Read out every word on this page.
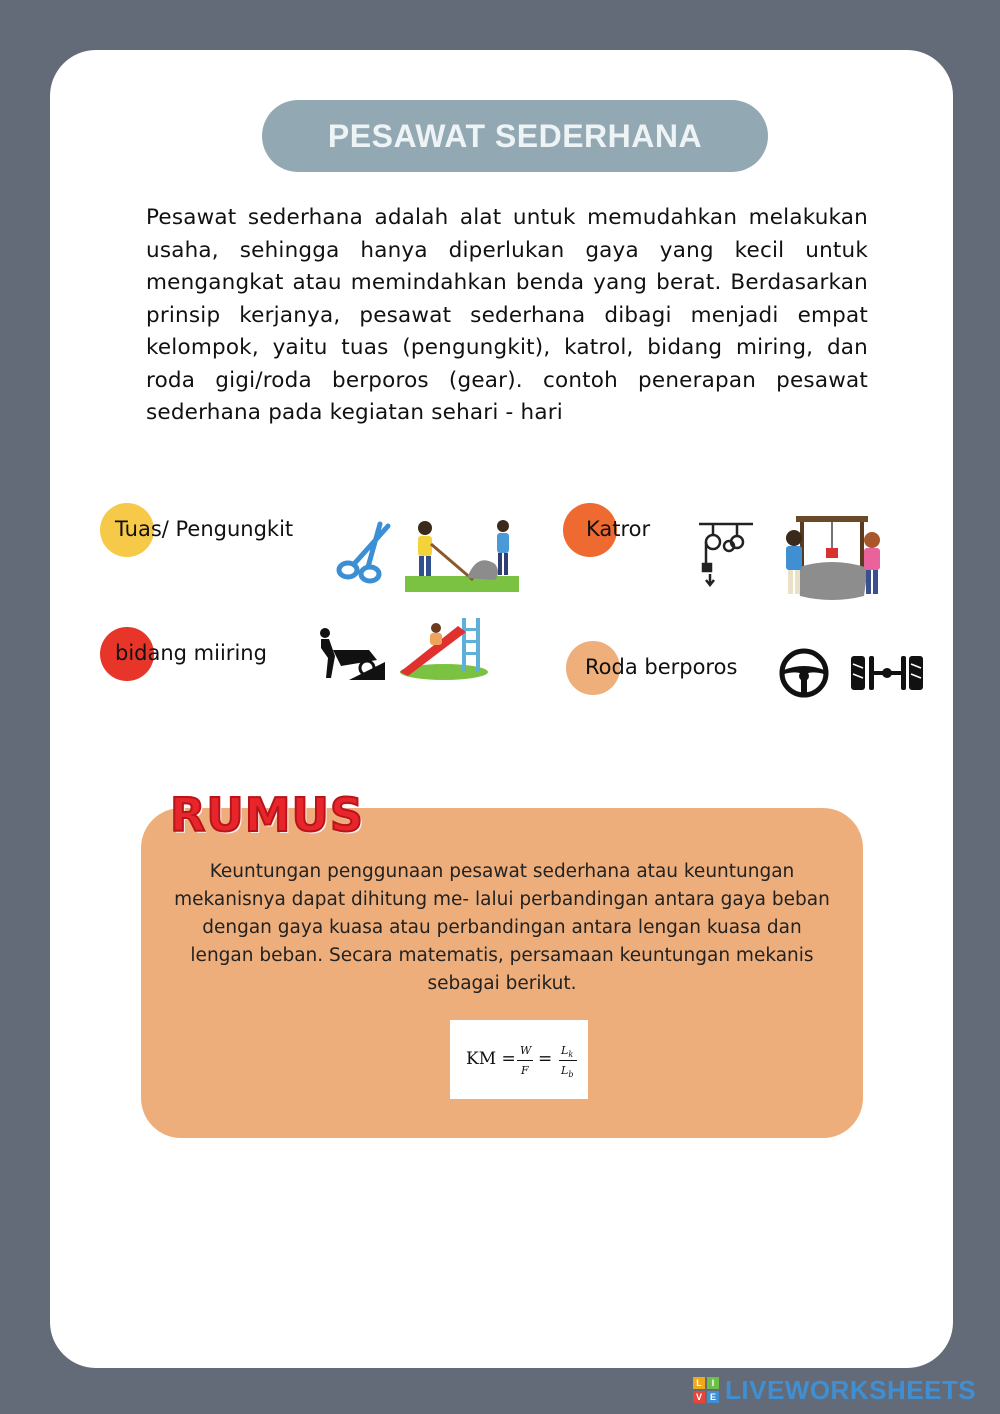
PESAWAT SEDERHANA
Pesawat sederhana adalah alat untuk memudahkan melakukan usaha, sehingga hanya diperlukan gaya yang kecil untuk mengangkat atau memindahkan benda yang berat. Berdasarkan prinsip kerjanya, pesawat sederhana dibagi menjadi empat kelompok, yaitu tuas (pengungkit), katrol, bidang miring, dan roda gigi/roda berporos (gear). contoh penerapan pesawat sederhana pada kegiatan sehari - hari
Tuas/ Pengungkit	Katror
bidang miiring
Roda berporos
RUMUS
Keuntungan penggunaan pesawat sederhana atau keuntungan mekanisnya dapat dihitung me- lalui perbandingan antara gaya beban dengan gaya kuasa atau perbandingan antara lengan kuasa dan lengan beban. Secara matematis, persamaan keuntungan mekanis sebagai berikut.
KM = W
F
= $L_k$
$L_b$
L	I
V E LIVEWORKSHEETS
